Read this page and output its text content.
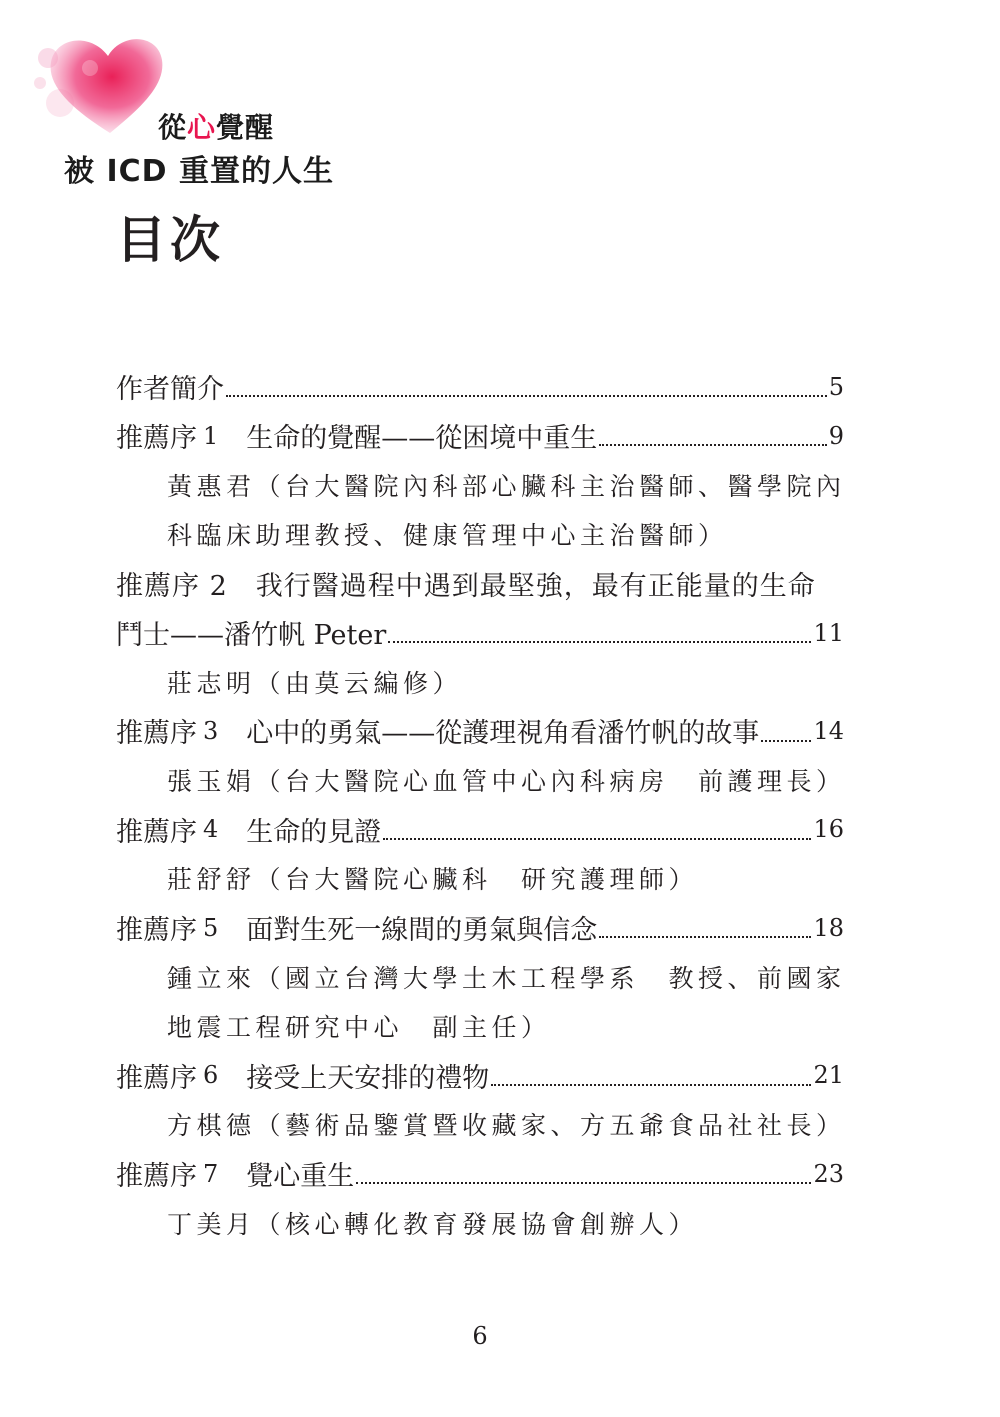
從心覺醒
被 ICD 重置的人生
目次
作者簡介	5
推薦序 1 生命的覺醒——從困境中重生	9
黃惠君（台大醫院內科部心臟科主治醫師、醫學院內
科臨床助理教授、健康管理中心主治醫師）
推薦序 2　我行醫過程中遇到最堅強，最有正能量的生命
鬥士——潘竹帆 Peter	11
莊志明（由莫云編修）
推薦序 3 心中的勇氣——從護理視角看潘竹帆的故事 14
張玉娟（台大醫院心血管中心內科病房　前護理長）
推薦序 4 生命的見證	16
莊舒舒（台大醫院心臟科　研究護理師）
推薦序 5 面對生死一線間的勇氣與信念	18
鍾立來（國立台灣大學土木工程學系　教授、前國家
地震工程研究中心　副主任）
推薦序 6 接受上天安排的禮物	21
方棋德（藝術品鑒賞暨收藏家、方五爺食品社社長）
推薦序 7 覺心重生	23
丁美月（核心轉化教育發展協會創辦人）
6
